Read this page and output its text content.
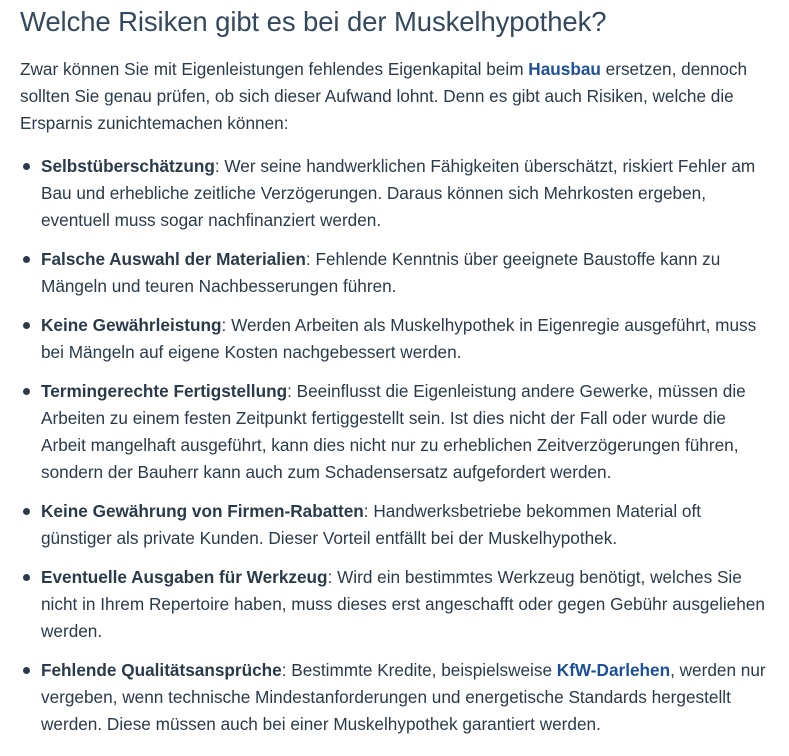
Welche Risiken gibt es bei der Muskelhypothek?

Zwar können Sie mit Eigenleistungen fehlendes Eigenkapital beim Hausbau ersetzen, dennoch sollten Sie genau prüfen, ob sich dieser Aufwand lohnt. Denn es gibt auch Risiken, welche die Ersparnis zunichtemachen können:

Selbstüberschätzung: Wer seine handwerklichen Fähigkeiten überschätzt, riskiert Fehler am Bau und erhebliche zeitliche Verzögerungen. Daraus können sich Mehrkosten ergeben, eventuell muss sogar nachfinanziert werden.
Falsche Auswahl der Materialien: Fehlende Kenntnis über geeignete Baustoffe kann zu Mängeln und teuren Nachbesserungen führen.
Keine Gewährleistung: Werden Arbeiten als Muskelhypothek in Eigenregie ausgeführt, muss bei Mängeln auf eigene Kosten nachgebessert werden.
Termingerechte Fertigstellung: Beeinflusst die Eigenleistung andere Gewerke, müssen die Arbeiten zu einem festen Zeitpunkt fertiggestellt sein. Ist dies nicht der Fall oder wurde die Arbeit mangelhaft ausgeführt, kann dies nicht nur zu erheblichen Zeitverzögerungen führen, sondern der Bauherr kann auch zum Schadensersatz aufgefordert werden.
Keine Gewährung von Firmen-Rabatten: Handwerksbetriebe bekommen Material oft günstiger als private Kunden. Dieser Vorteil entfällt bei der Muskelhypothek.
Eventuelle Ausgaben für Werkzeug: Wird ein bestimmtes Werkzeug benötigt, welches Sie nicht in Ihrem Repertoire haben, muss dieses erst angeschafft oder gegen Gebühr ausgeliehen werden.
Fehlende Qualitätsansprüche: Bestimmte Kredite, beispielsweise KfW-Darlehen, werden nur vergeben, wenn technische Mindestanforderungen und energetische Standards hergestellt werden. Diese müssen auch bei einer Muskelhypothek garantiert werden.
